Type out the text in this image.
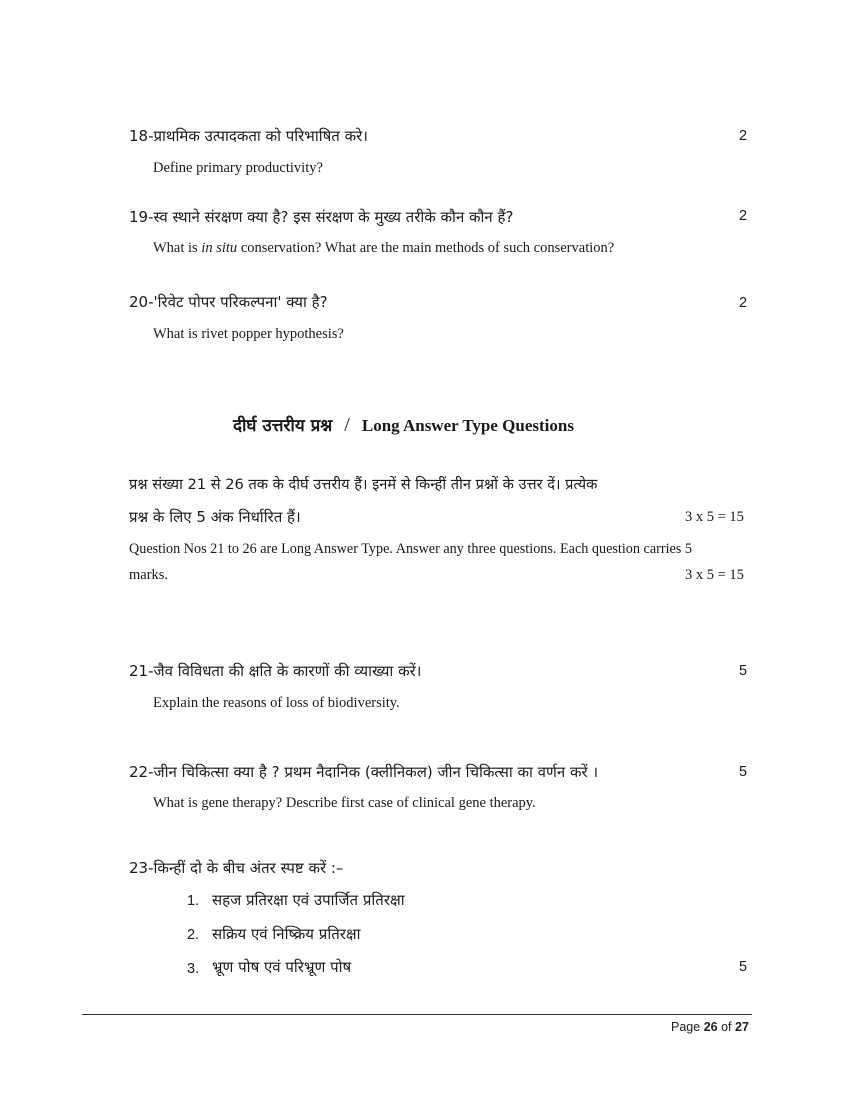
18-प्राथमिक उत्पादकता को परिभाषित करे।	2
Define primary productivity?
19-स्व स्थाने संरक्षण क्या है? इस संरक्षण के मुख्य तरीके कौन कौन हैं?	2
What is in situ conservation? What are the main methods of such conservation?
20-'रिवेट पोपर परिकल्पना' क्या है?	2
What is rivet popper hypothesis?
दीर्घ उत्तरीय प्रश्न / Long Answer Type Questions
प्रश्न संख्या 21 से 26 तक के दीर्घ उत्तरीय हैं। इनमें से किन्हीं तीन प्रश्नों के उत्तर दें। प्रत्येक
प्रश्न के लिए 5 अंक निर्धारित हैं।	3 x 5 = 15
Question Nos 21 to 26 are Long Answer Type. Answer any three questions. Each question carries 5
marks.	3 x 5 = 15
21-जैव विविधता की क्षति के कारणों की व्याख्या करें।	5
Explain the reasons of loss of biodiversity.
22-जीन चिकित्सा क्या है ? प्रथम नैदानिक (क्लीनिकल) जीन चिकित्सा का वर्णन करें ।	5
What is gene therapy? Describe first case of clinical gene therapy.
23-किन्हीं दो के बीच अंतर स्पष्ट करें :–
1. सहज प्रतिरक्षा एवं उपार्जित प्रतिरक्षा
2. सक्रिय एवं निष्क्रिय प्रतिरक्षा
3. भ्रूण पोष एवं परिभ्रूण पोष	5
Page 26 of 27
